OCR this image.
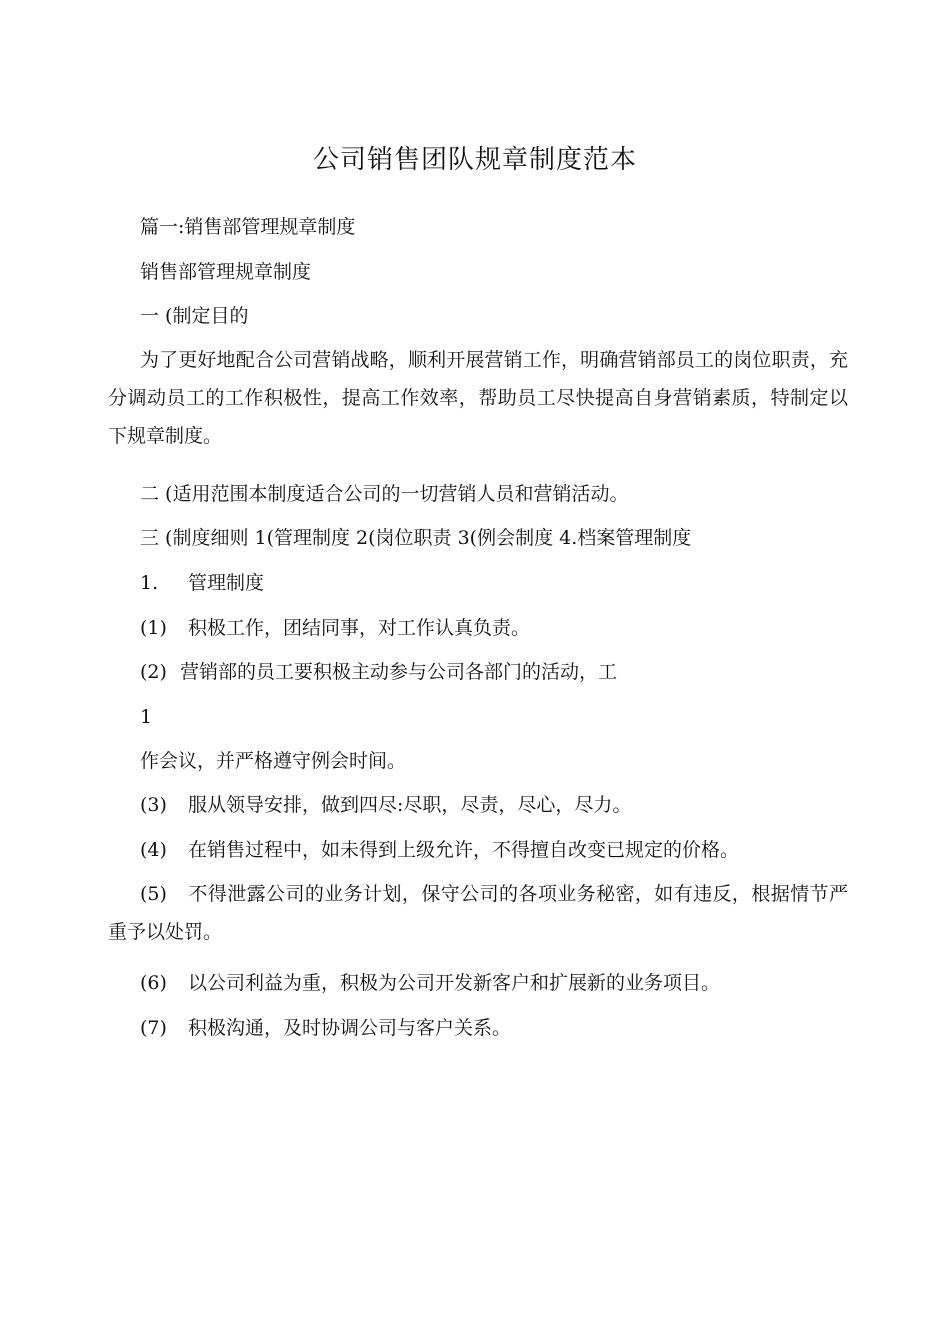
公司销售团队规章制度范本
篇一:销售部管理规章制度
销售部管理规章制度
一 (制定目的
为了更好地配合公司营销战略，顺利开展营销工作，明确营销部员工的岗位职责，充分调动员工的工作积极性，提高工作效率，帮助员工尽快提高自身营销素质，特制定以下规章制度。
二 (适用范围本制度适合公司的一切营销人员和营销活动。
三 (制度细则 1(管理制度 2(岗位职责 3(例会制度 4.档案管理制度
1. 管理制度
(1) 积极工作，团结同事，对工作认真负责。
(2) 营销部的员工要积极主动参与公司各部门的活动，工
1
作会议，并严格遵守例会时间。
(3) 服从领导安排，做到四尽:尽职，尽责，尽心，尽力。
(4) 在销售过程中，如未得到上级允许，不得擅自改变已规定的价格。
(5) 不得泄露公司的业务计划，保守公司的各项业务秘密，如有违反，根据情节严重予以处罚。
(6) 以公司利益为重，积极为公司开发新客户和扩展新的业务项目。
(7) 积极沟通，及时协调公司与客户关系。
